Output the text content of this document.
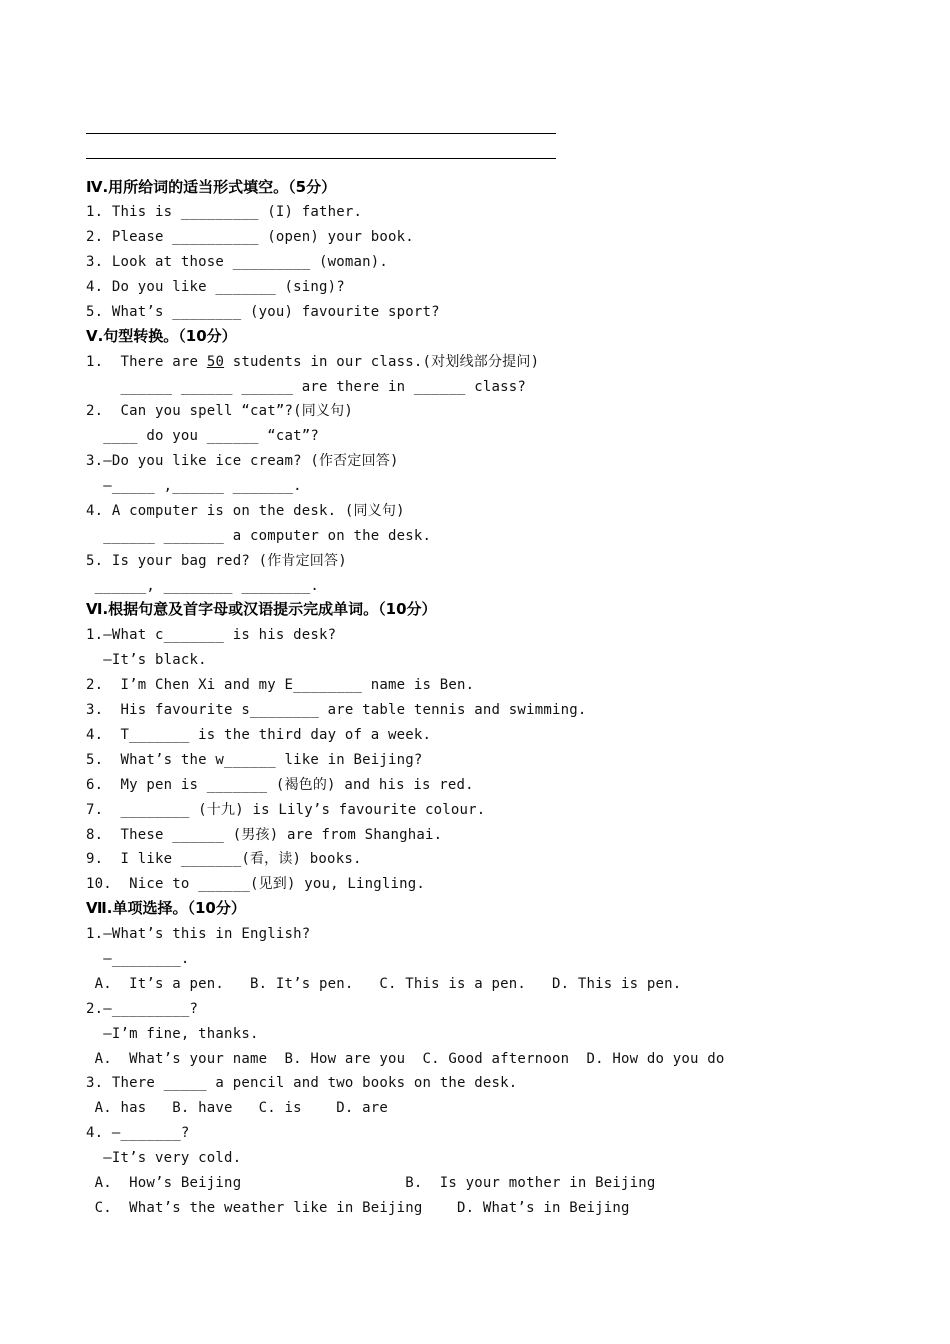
Ⅳ.用所给词的适当形式填空。（5分）
1. This is _________ (I) father.
2. Please __________ (open) your book.
3. Look at those _________ (woman).
4. Do you like _______ (sing)?
5. What’s ________ (you) favourite sport?
Ⅴ.句型转换。（10分）
1.  There are 50 students in our class.(对划线部分提问)
______ ______ ______ are there in ______ class?
2.  Can you spell “cat”?(同义句)
____ do you ______ “cat”?
3.—Do you like ice cream? (作否定回答)
—_____ ,______ _______.
4. A computer is on the desk. (同义句)
______ _______ a computer on the desk.
5. Is your bag red? (作肯定回答)
______, ________ ________.
Ⅵ.根据句意及首字母或汉语提示完成单词。（10分）
1.—What c_______ is his desk?
—It’s black.
2.  I’m Chen Xi and my E________ name is Ben.
3.  His favourite s________ are table tennis and swimming.
4.  T_______ is the third day of a week.
5.  What’s the w______ like in Beijing?
6.  My pen is _______ (褐色的) and his is red.
7.  ________ (十九) is Lily’s favourite colour.
8.  These ______ (男孩) are from Shanghai.
9.  I like _______(看，读) books.
10.  Nice to ______(见到) you, Lingling.
Ⅶ.单项选择。（10分）
1.—What’s this in English?
—________.
A.  It’s a pen.   B. It’s pen.   C. This is a pen.   D. This is pen.
2.—_________?
—I’m fine, thanks.
A.  What’s your name  B. How are you  C. Good afternoon  D. How do you do
3. There _____ a pencil and two books on the desk.
A. has   B. have   C. is    D. are
4. —_______?
—It’s very cold.
A.  How’s Beijing                   B.  Is your mother in Beijing
C.  What’s the weather like in Beijing    D. What’s in Beijing
